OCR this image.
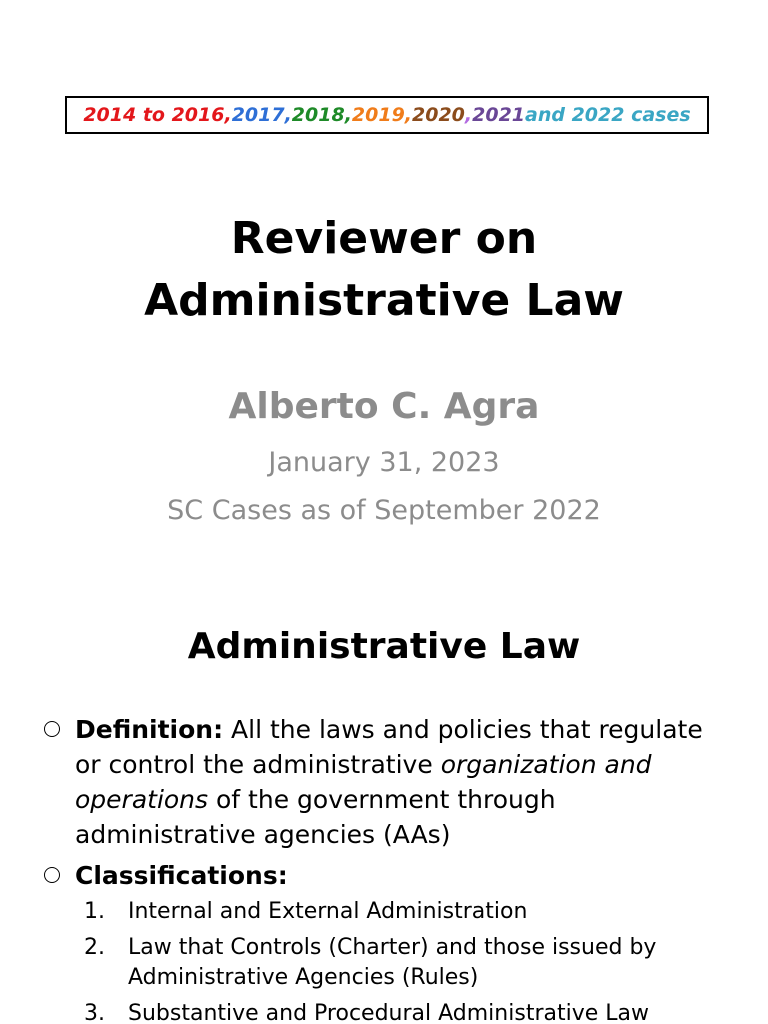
2014 to 2016 , 2017 , 2018 , 2019 , 2020 , 2021 and 2022 cases
Reviewer on
Administrative Law
Alberto C. Agra
January 31, 2023
SC Cases as of September 2022
Administrative Law
Definition: All the laws and policies that regulate or control the administrative organization and operations of the government through administrative agencies (AAs)
Classifications:
1. Internal and External Administration
2. Law that Controls (Charter) and those issued by Administrative Agencies (Rules)
3. Substantive and Procedural Administrative Law
